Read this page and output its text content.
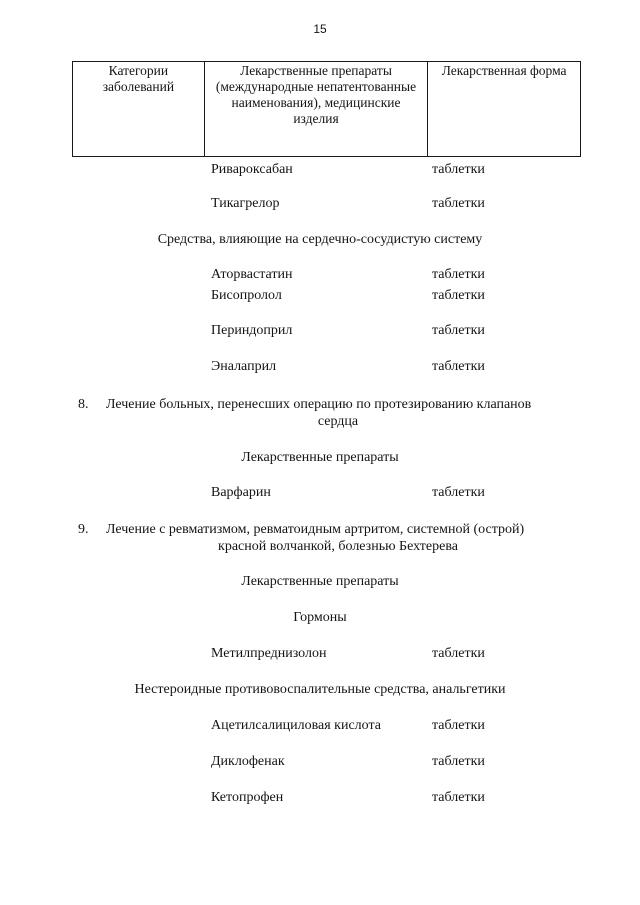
15
Категории заболеваний	Лекарственные препараты (международные непатентованные наименования), медицинские изделия	Лекарственная форма
Ривароксабан	таблетки
Тикагрелор	таблетки
Средства, влияющие на сердечно-сосудистую систему
Аторвастатин	таблетки
Бисопролол	таблетки
Периндоприл	таблетки
Эналаприл	таблетки
8.	Лечение больных, перенесших операцию по протезированию клапанов
сердца
Лекарственные препараты
Варфарин	таблетки
9.	Лечение с ревматизмом, ревматоидным артритом, системной (острой)
красной волчанкой, болезнью Бехтерева
Лекарственные препараты
Гормоны
Метилпреднизолон	таблетки
Нестероидные противовоспалительные средства, анальгетики
Ацетилсалициловая кислота	таблетки
Диклофенак	таблетки
Кетопрофен	таблетки
